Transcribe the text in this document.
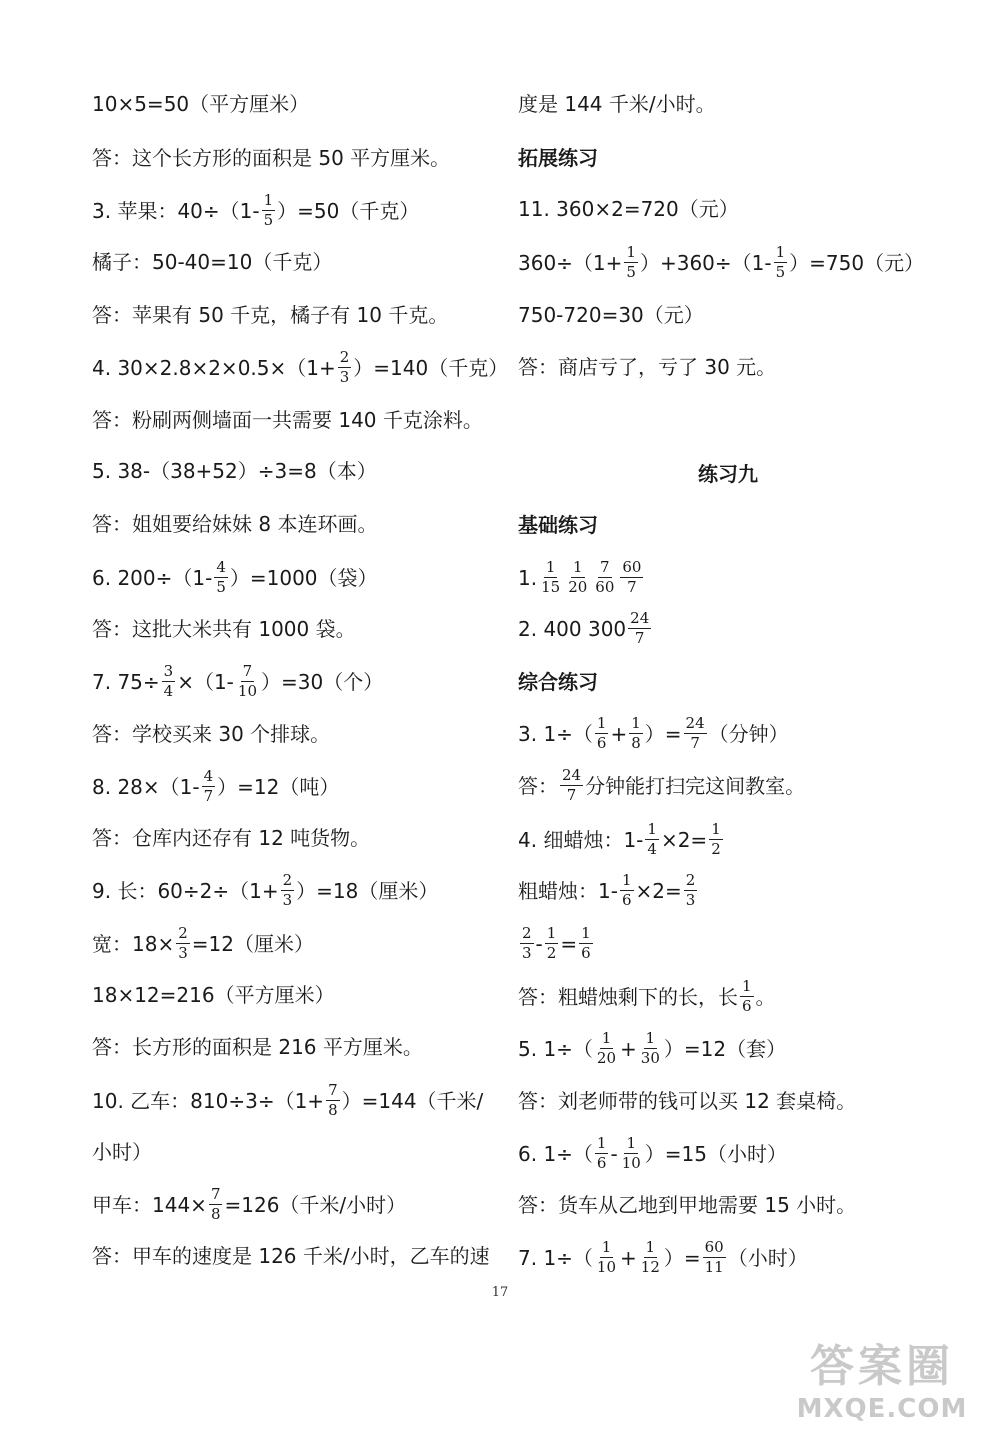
10×5=50（平方厘米）
答：这个长方形的面积是 50 平方厘米。
3. 苹果：$40\div(1- \frac{1}{5} )=50$（千克）
橘子：50-40=10（千克）
答：苹果有 50 千克，橘子有 10 千克。
4. $30\times 2.8\times 2\times 0.5\times(1+ \frac{2}{3} )=140$（千克）
答：粉刷两侧墙面一共需要 140 千克涂料。
5. 38-（38+52）÷3=8（本）
答：姐姐要给妹妹 8 本连环画。
6. $200\div(1- \frac{4}{5} )=1000$（袋）
答：这批大米共有 1000 袋。
7. $75\div \frac{3}{4} \times(1- \frac{7}{10} )=30$（个）
答：学校买来 30 个排球。
8. $28\times(1- \frac{4}{7} )=12$（吨）
答：仓库内还存有 12 吨货物。
9. 长：$60\div 2\div(1+ \frac{2}{3} )=18$（厘米）
宽：$18\times \frac{2}{3} =12$（厘米）
18×12=216（平方厘米）
答：长方形的面积是 216 平方厘米。
10. 乙车：$810\div 3\div(1+ \frac{7}{8} )=144$（千米/
小时）
甲车：$144\times \frac{7}{8} =126$（千米/小时）
答：甲车的速度是 126 千米/小时，乙车的速
度是 144 千米/小时。
拓展练习
11. 360×2=720（元）
$360\div(1+ \frac{1}{5} )+360\div(1- \frac{1}{5} )=750$（元）
750-720=30（元）
答：商店亏了，亏了 30 元。
练习九
基础练习
1. $\frac{1}{15} \frac{1}{20} \frac{7}{60} \frac{60}{7}$
2. 400 $300 \frac{24}{7}$
综合练习
3. $1\div( \frac{1}{6} + \frac{1}{8}$ ）= $\frac{24}{7}$ （分钟）
答： $\frac{24}{7}$ 分钟能打扫完这间教室。
4. 细蜡烛：$1- \frac{1}{4} \times 2= \frac{1}{2}$
粗蜡烛：$1- \frac{1}{6} \times 2= \frac{2}{3}$
$\frac{2}{3} - \frac{1}{2} = \frac{1}{6}$
答：粗蜡烛剩下的长，长 $\frac{1}{6}$ 。
5. $1\div( \frac{1}{20} + \frac{1}{30} )=12$（套）
答：刘老师带的钱可以买 12 套桌椅。
6. $1\div( \frac{1}{6} - \frac{1}{10} )=15$（小时）
答：货车从乙地到甲地需要 15 小时。
7. $1\div( \frac{1}{10} + \frac{1}{12}$ ）= $\frac{60}{11}$ （小时）
17
答案圈
MXQE.COM
